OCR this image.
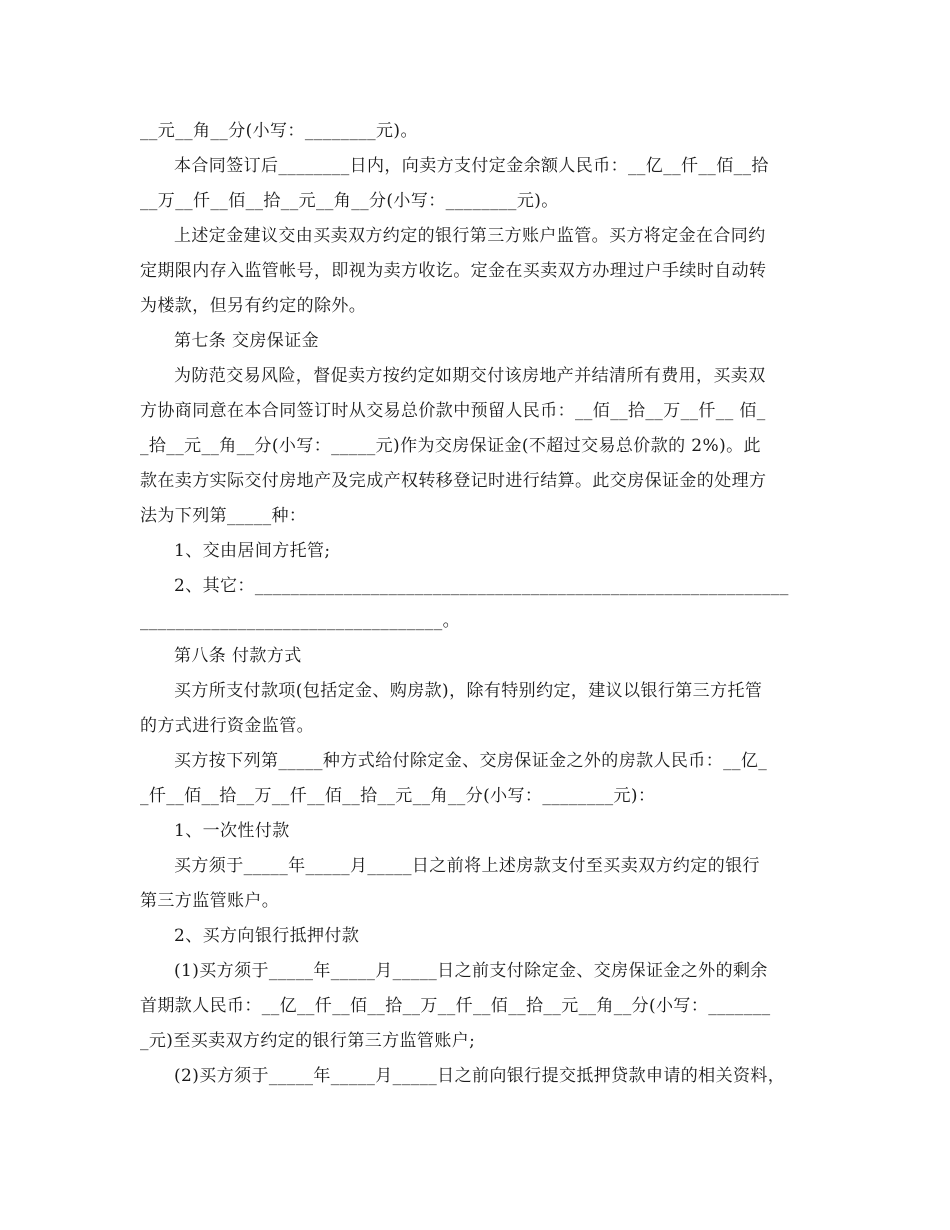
__元__角__分(小写：________元)。
本合同签订后________日内，向卖方支付定金余额人民币：__亿__仟__佰__拾
__万__仟__佰__拾__元__角__分(小写：________元)。
上述定金建议交由买卖双方约定的银行第三方账户监管。买方将定金在合同约
定期限内存入监管帐号，即视为卖方收讫。定金在买卖双方办理过户手续时自动转
为楼款，但另有约定的除外。
第七条 交房保证金
为防范交易风险，督促卖方按约定如期交付该房地产并结清所有费用，买卖双
方协商同意在本合同签订时从交易总价款中预留人民币：__佰__拾__万__仟__ 佰_
_拾__元__角__分(小写：_____元)作为交房保证金(不超过交易总价款的 2%)。此
款在卖方实际交付房地产及完成产权转移登记时进行结算。此交房保证金的处理方
法为下列第_____种：
1、交由居间方托管;
2、其它：____________________________________________________________
__________________________________。
第八条 付款方式
买方所支付款项(包括定金、购房款)，除有特别约定，建议以银行第三方托管
的方式进行资金监管。
买方按下列第_____种方式给付除定金、交房保证金之外的房款人民币：__亿_
_仟__佰__拾__万__仟__佰__拾__元__角__分(小写：________元)：
1、一次性付款
买方须于_____年_____月_____日之前将上述房款支付至买卖双方约定的银行
第三方监管账户。
2、买方向银行抵押付款
(1)买方须于_____年_____月_____日之前支付除定金、交房保证金之外的剩余
首期款人民币：__亿__仟__佰__拾__万__仟__佰__拾__元__角__分(小写：_______
_元)至买卖双方约定的银行第三方监管账户;
(2)买方须于_____年_____月_____日之前向银行提交抵押贷款申请的相关资料，
